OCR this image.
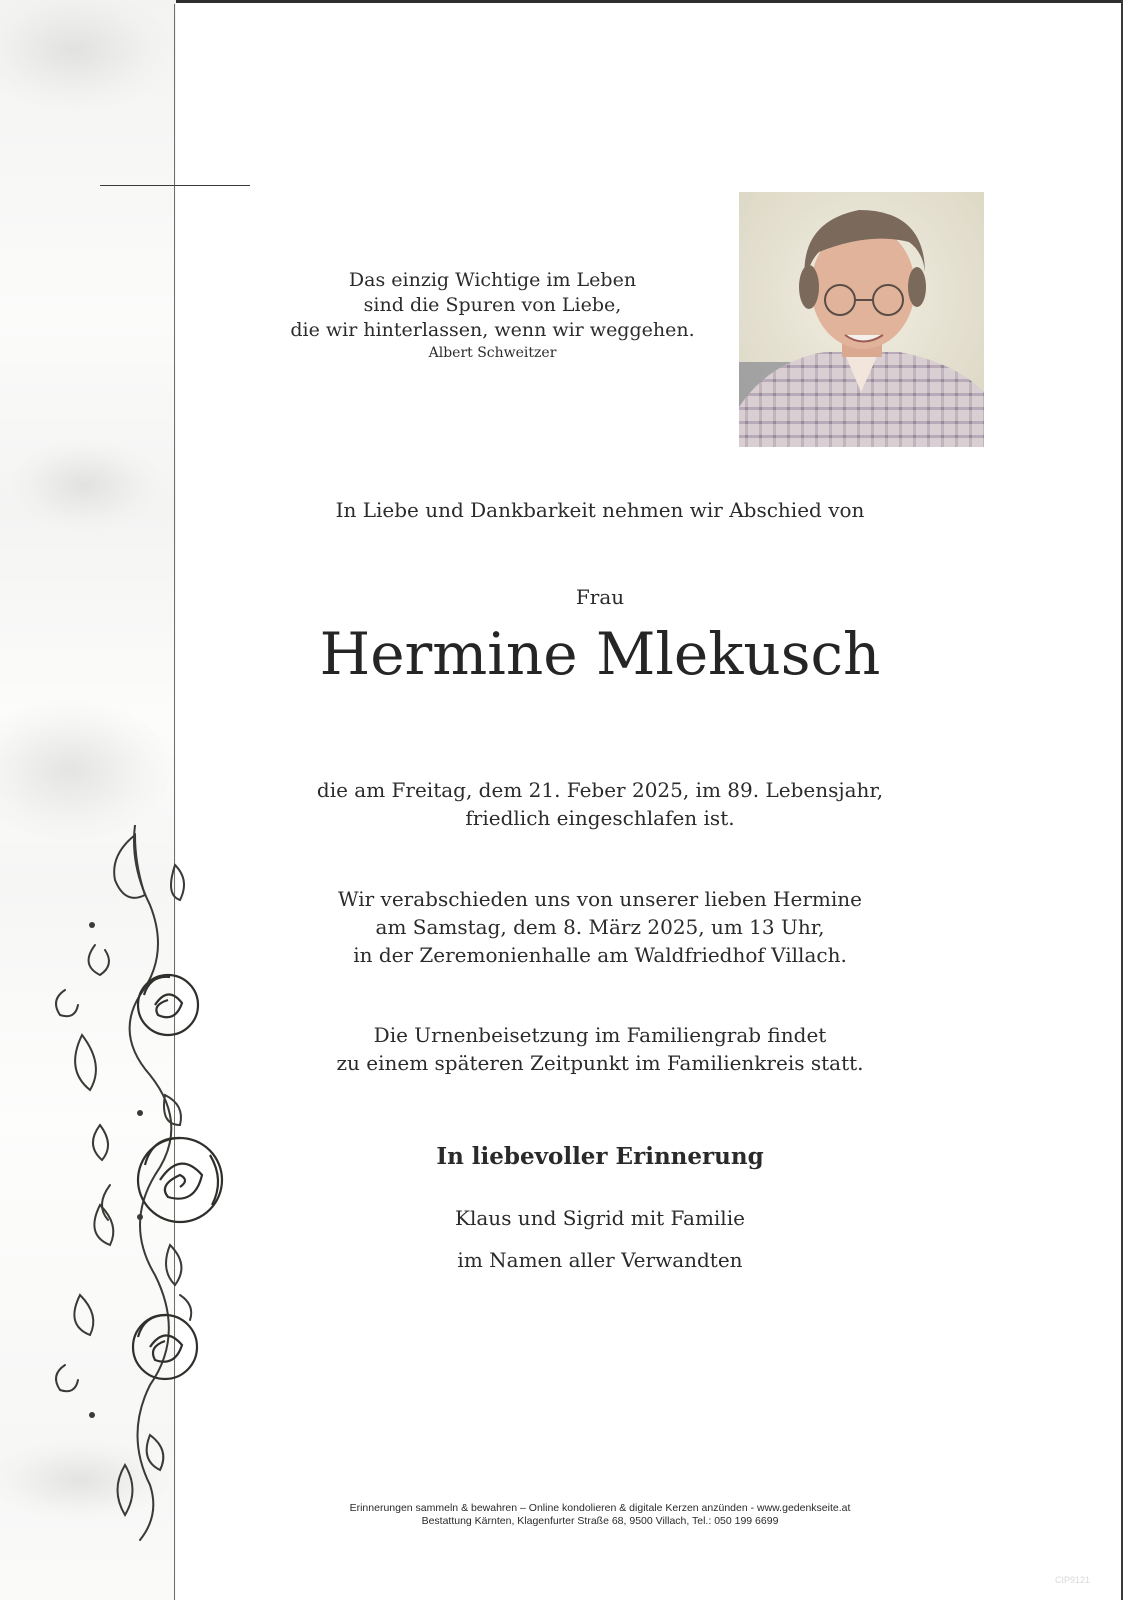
Das einzig Wichtige im Leben
sind die Spuren von Liebe,
die wir hinterlassen, wenn wir weggehen.
Albert Schweitzer
In Liebe und Dankbarkeit nehmen wir Abschied von
Frau
Hermine Mlekusch
die am Freitag, dem 21. Feber 2025, im 89. Lebensjahr,
friedlich eingeschlafen ist.
Wir verabschieden uns von unserer lieben Hermine
am Samstag, dem 8. März 2025, um 13 Uhr,
in der Zeremonienhalle am Waldfriedhof Villach.
Die Urnenbeisetzung im Familiengrab findet
zu einem späteren Zeitpunkt im Familienkreis statt.
In liebevoller Erinnerung
Klaus und Sigrid mit Familie
im Namen aller Verwandten
Erinnerungen sammeln & bewahren – Online kondolieren & digitale Kerzen anzünden - www.gedenkseite.at
Bestattung Kärnten, Klagenfurter Straße 68, 9500 Villach, Tel.: 050 199 6699
CIP9121
